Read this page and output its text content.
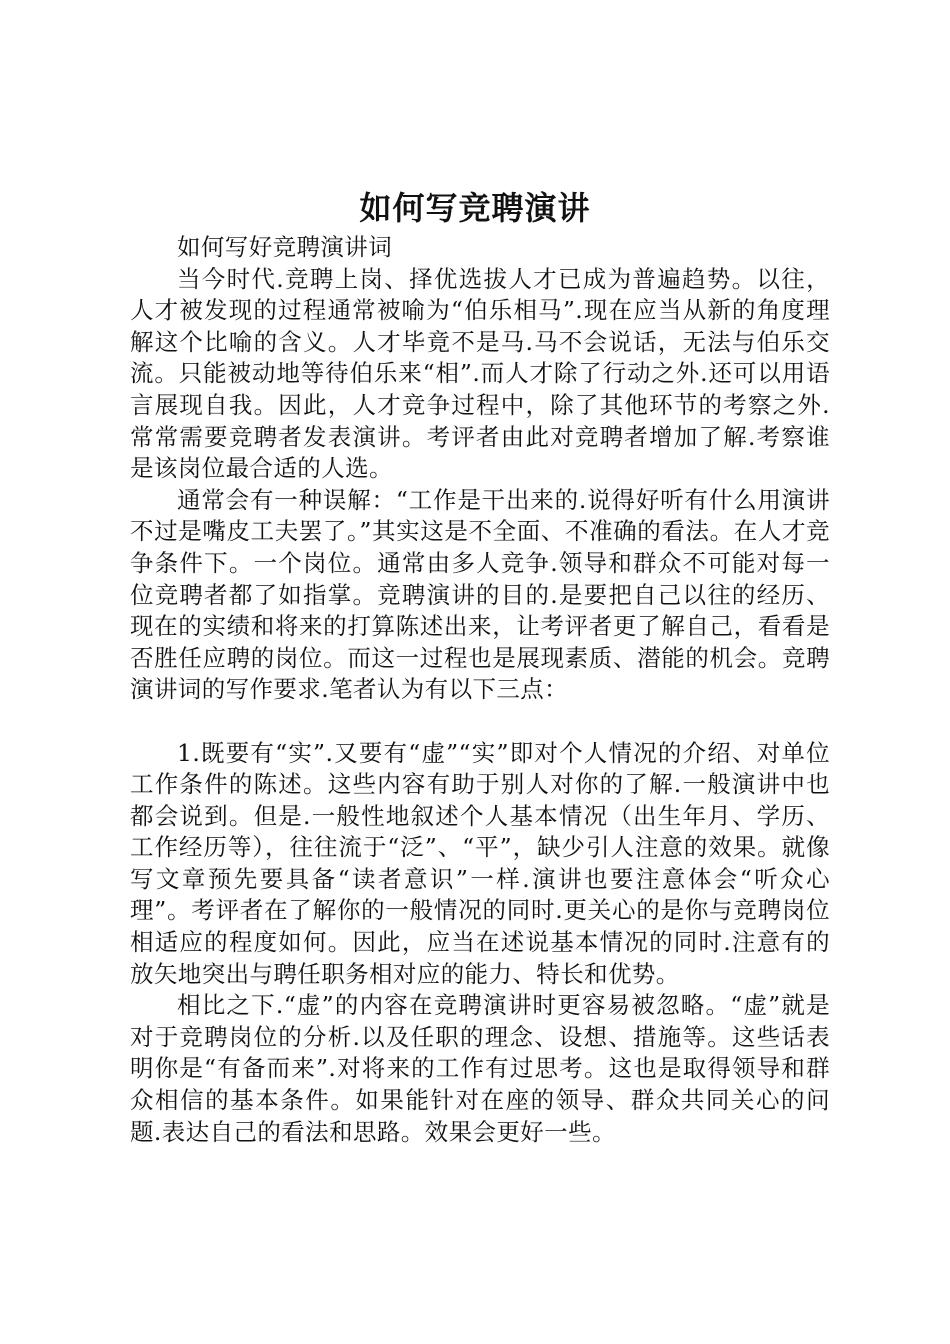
如何写竞聘演讲

如何写好竞聘演讲词

当今时代.竞聘上岗、择优选拔人才已成为普遍趋势。以往，人才被发现的过程通常被喻为“伯乐相马”.现在应当从新的角度理解这个比喻的含义。人才毕竟不是马.马不会说话，无法与伯乐交流。只能被动地等待伯乐来“相”.而人才除了行动之外.还可以用语言展现自我。因此，人才竞争过程中，除了其他环节的考察之外.常常需要竞聘者发表演讲。考评者由此对竞聘者增加了解.考察谁是该岗位最合适的人选。

通常会有一种误解：“工作是干出来的.说得好听有什么用演讲不过是嘴皮工夫罢了。”其实这是不全面、不准确的看法。在人才竞争条件下。一个岗位。通常由多人竞争.领导和群众不可能对每一位竞聘者都了如指掌。竞聘演讲的目的.是要把自己以往的经历、现在的实绩和将来的打算陈述出来，让考评者更了解自己，看看是否胜任应聘的岗位。而这一过程也是展现素质、潜能的机会。竞聘演讲词的写作要求.笔者认为有以下三点：

1.既要有“实”.又要有“虚”“实”即对个人情况的介绍、对单位工作条件的陈述。这些内容有助于别人对你的了解.一般演讲中也都会说到。但是.一般性地叙述个人基本情况（出生年月、学历、工作经历等），往往流于“泛”、“平”，缺少引人注意的效果。就像写文章预先要具备“读者意识”一样.演讲也要注意体会“听众心理”。考评者在了解你的一般情况的同时.更关心的是你与竞聘岗位相适应的程度如何。因此，应当在述说基本情况的同时.注意有的放矢地突出与聘任职务相对应的能力、特长和优势。

相比之下.“虚”的内容在竞聘演讲时更容易被忽略。“虚”就是对于竞聘岗位的分析.以及任职的理念、设想、措施等。这些话表明你是“有备而来”.对将来的工作有过思考。这也是取得领导和群众相信的基本条件。如果能针对在座的领导、群众共同关心的问题.表达自己的看法和思路。效果会更好一些。
